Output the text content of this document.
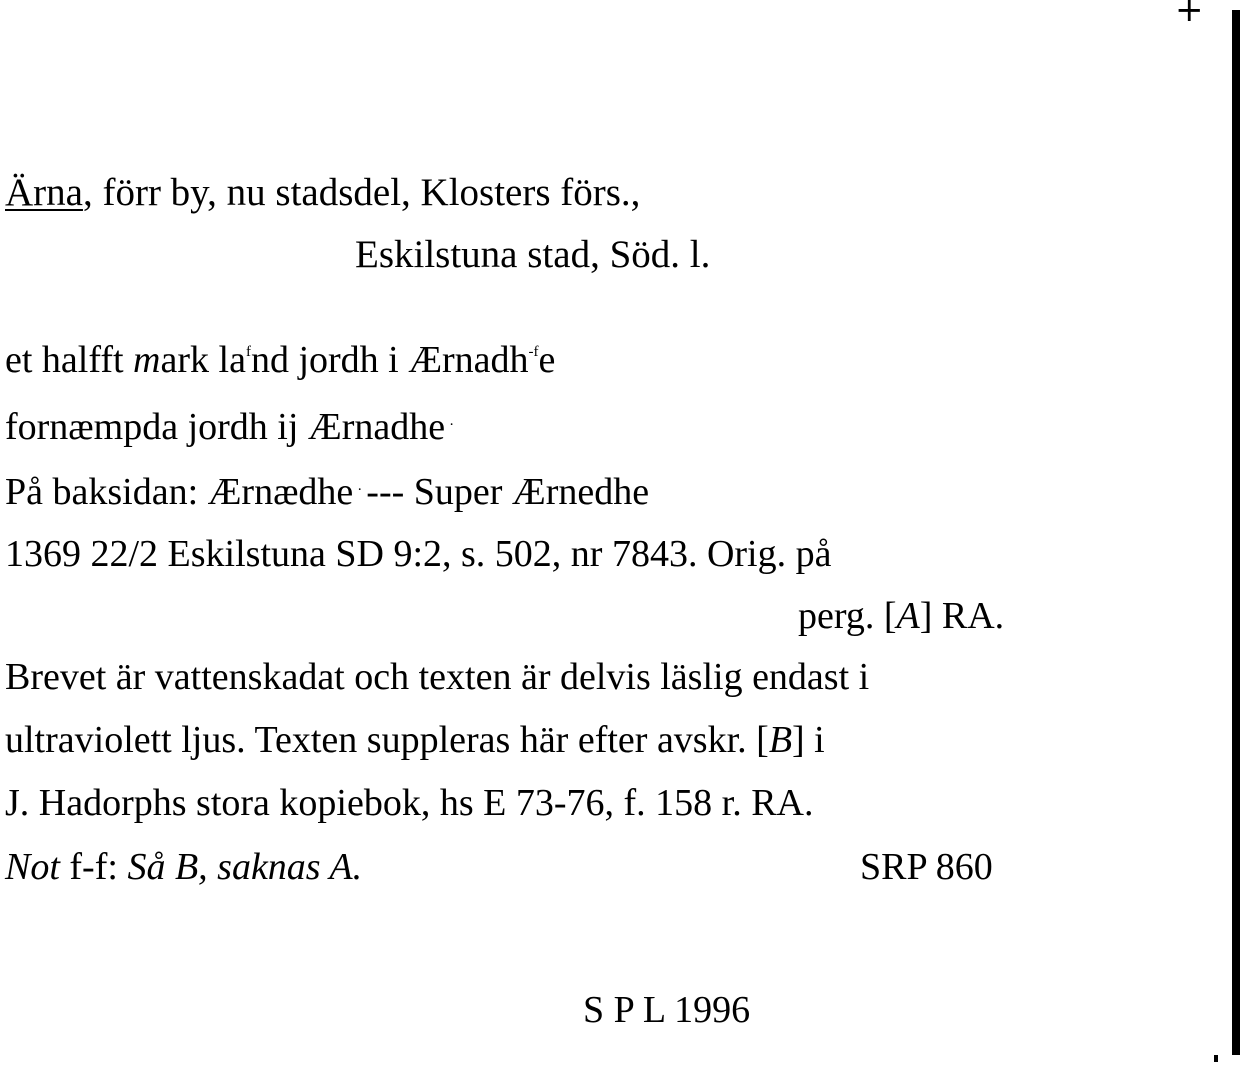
Ärna, förr by, nu stadsdel, Klosters förs.,
Eskilstuna stad, Söd. l.
et halfft mark $la^fnd$ jordh i Ærnadh$^{-f}$e
fornæmpda jordh ij Ærnadhe ·
På baksidan: Ærnædhe · --- Super Ærnedhe
1369 22/2 Eskilstuna SD 9:2, s. 502, nr 7843. Orig. på
perg. [A] RA.
Brevet är vattenskadat och texten är delvis läslig endast i
ultraviolett ljus. Texten suppleras här efter avskr. [B] i
J. Hadorphs stora kopiebok, hs E 73-76, f. 158 r. RA.
Not f-f: Så B, saknas A.	SRP 860
S P L 1996
+
